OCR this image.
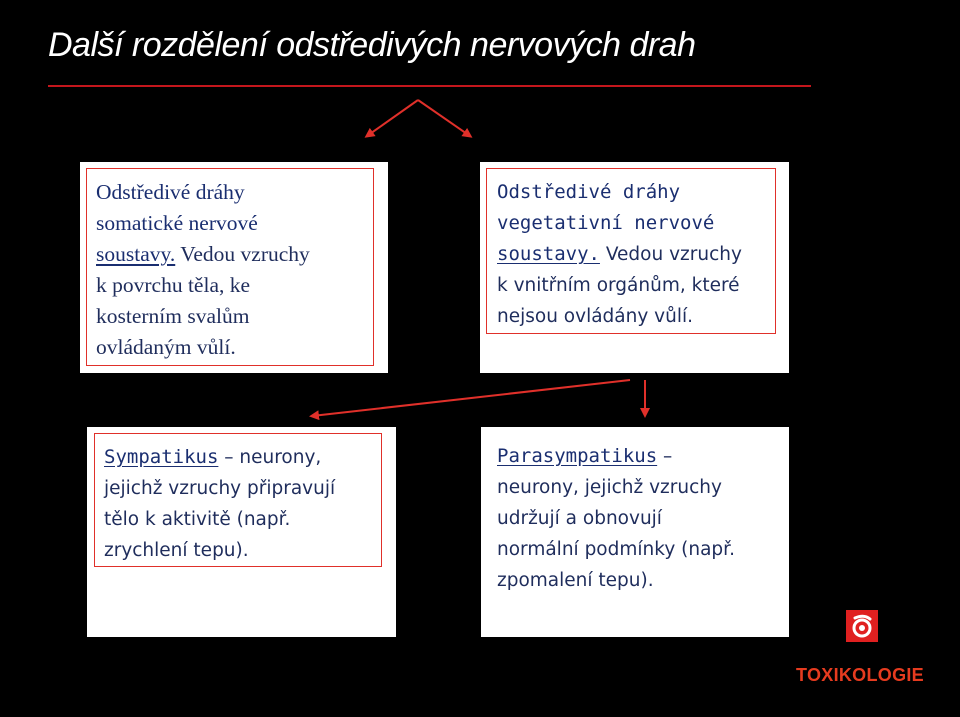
Další rozdělení odstředivých nervových drah
Odstředivé dráhy
somatické nervové
soustavy. Vedou vzruchy
k povrchu těla, ke
kosterním svalům
ovládaným vůlí.
Odstředivé dráhy
vegetativní nervové
soustavy. Vedou vzruchy
k vnitřním orgánům, které
nejsou ovládány vůlí.
Sympatikus – neurony,
jejichž vzruchy připravují
tělo k aktivitě (např.
zrychlení tepu).
Parasympatikus –
neurony, jejichž vzruchy
udržují a obnovují
normální podmínky (např.
zpomalení tepu).
TOXIKOLOGIE
